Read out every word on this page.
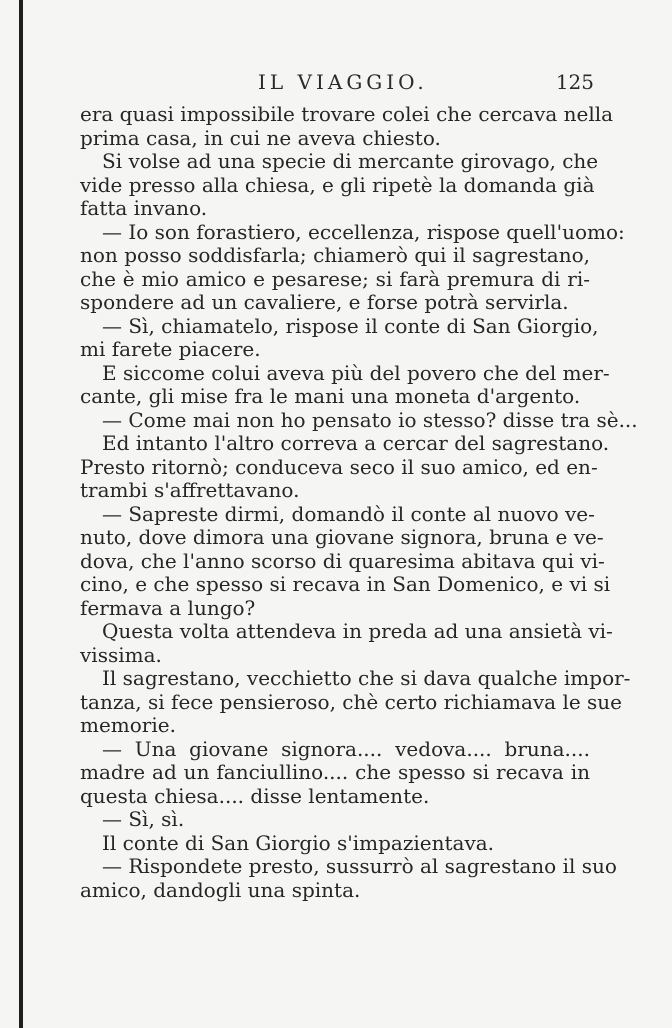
IL VIAGGIO.	125
era quasi impossibile trovare colei che cercava nella
prima casa, in cui ne aveva chiesto.
Si volse ad una specie di mercante girovago, che
vide presso alla chiesa, e gli ripetè la domanda già
fatta invano.
— Io son forastiero, eccellenza, rispose quell'uomo:
non posso soddisfarla; chiamerò qui il sagrestano,
che è mio amico e pesarese; si farà premura di ri-
spondere ad un cavaliere, e forse potrà servirla.
— Sì, chiamatelo, rispose il conte di San Giorgio,
mi farete piacere.
E siccome colui aveva più del povero che del mer-
cante, gli mise fra le mani una moneta d'argento.
— Come mai non ho pensato io stesso? disse tra sè...
Ed intanto l'altro correva a cercar del sagrestano.
Presto ritornò; conduceva seco il suo amico, ed en-
trambi s'affrettavano.
— Sapreste dirmi, domandò il conte al nuovo ve-
nuto, dove dimora una giovane signora, bruna e ve-
dova, che l'anno scorso di quaresima abitava qui vi-
cino, e che spesso si recava in San Domenico, e vi si
fermava a lungo?
Questa volta attendeva in preda ad una ansietà vi-
vissima.
Il sagrestano, vecchietto che si dava qualche impor-
tanza, si fece pensieroso, chè certo richiamava le sue
memorie.
— Una giovane signora.... vedova.... bruna....
madre ad un fanciullino.... che spesso si recava in
questa chiesa.... disse lentamente.
— Sì, sì.
Il conte di San Giorgio s'impazientava.
— Rispondete presto, sussurrò al sagrestano il suo
amico, dandogli una spinta.
